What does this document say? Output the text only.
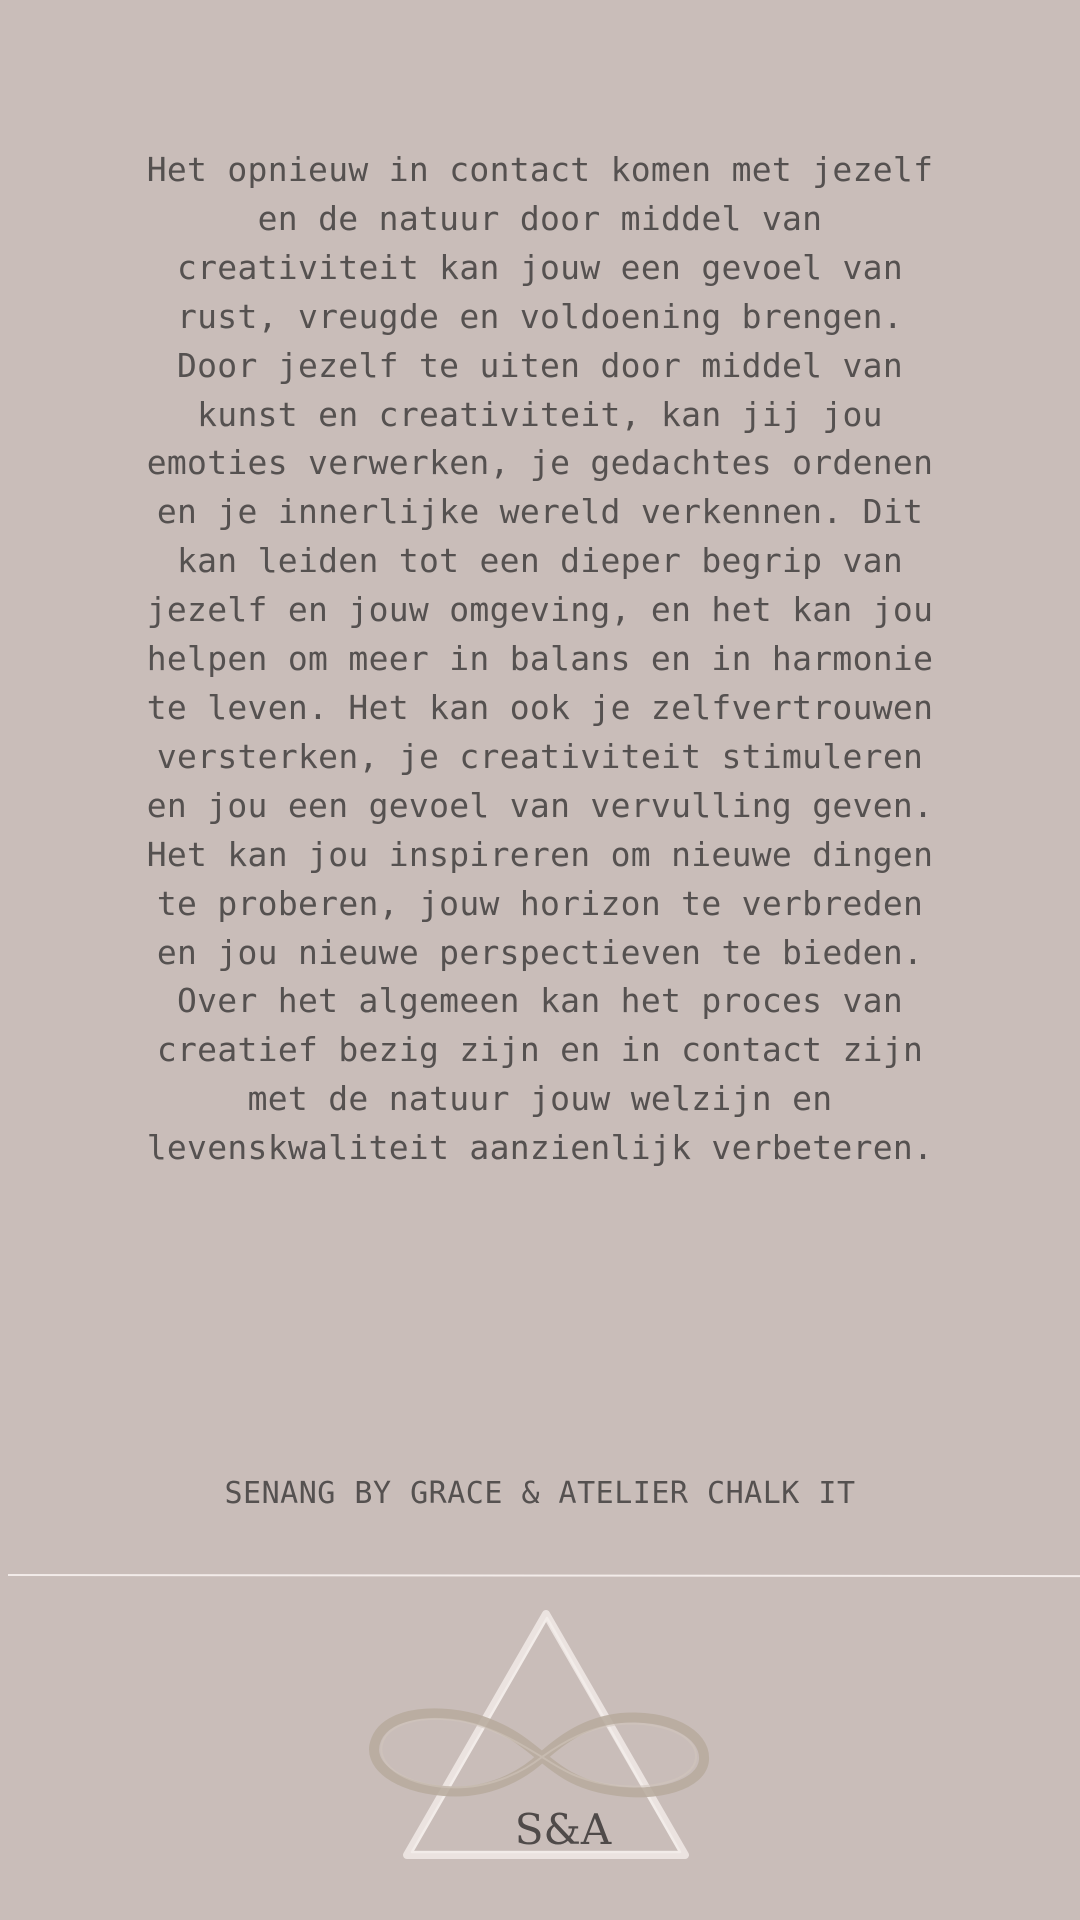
Het opnieuw in contact komen met jezelf en de natuur door middel van creativiteit kan jouw een gevoel van rust, vreugde en voldoening brengen. Door jezelf te uiten door middel van kunst en creativiteit, kan jij jou emoties verwerken, je gedachtes ordenen en je innerlijke wereld verkennen. Dit kan leiden tot een dieper begrip van jezelf en jouw omgeving, en het kan jou helpen om meer in balans en in harmonie te leven. Het kan ook je zelfvertrouwen versterken, je creativiteit stimuleren en jou een gevoel van vervulling geven. Het kan jou inspireren om nieuwe dingen te proberen, jouw horizon te verbreden en jou nieuwe perspectieven te bieden. Over het algemeen kan het proces van creatief bezig zijn en in contact zijn met de natuur jouw welzijn en levenskwaliteit aanzienlijk verbeteren.

SENANG BY GRACE & ATELIER CHALK IT
S&A
